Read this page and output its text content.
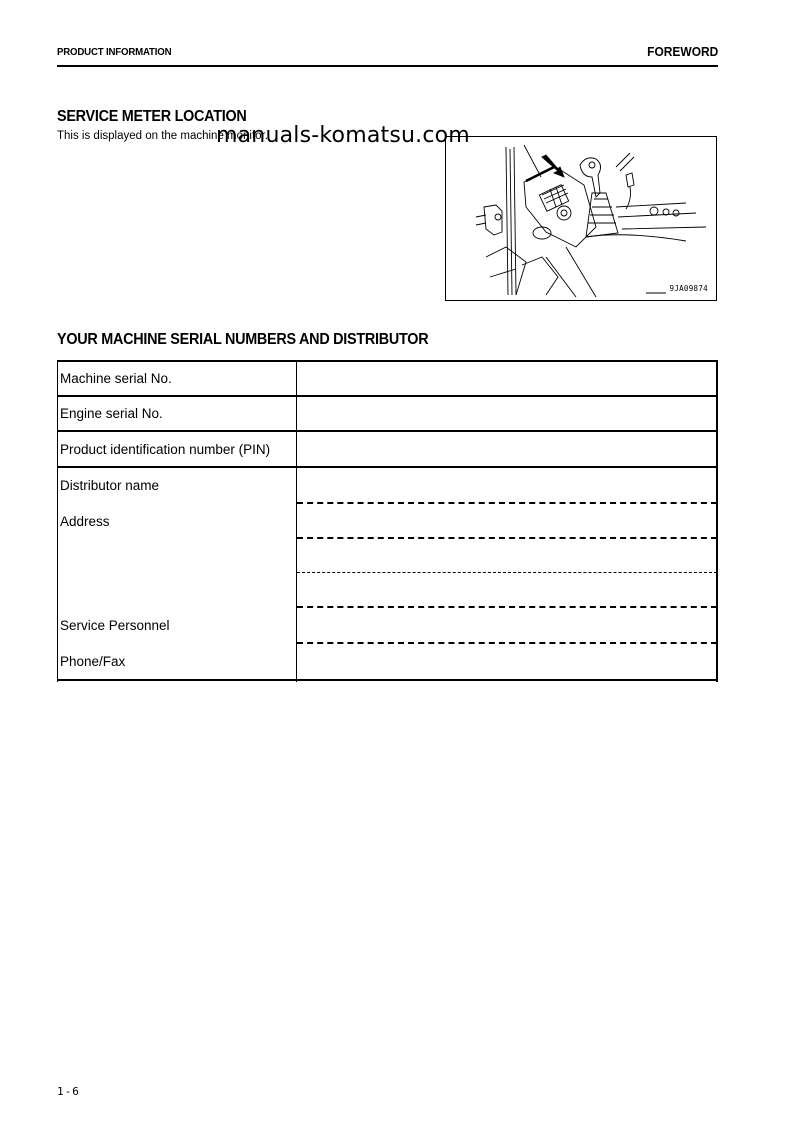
PRODUCT INFORMATION	FOREWORD
SERVICE METER LOCATION
This is displayed on the machine monitor.
9JA09874
manuals-komatsu.com
YOUR MACHINE SERIAL NUMBERS AND DISTRIBUTOR
Machine serial No.
Engine serial No.
Product identification number (PIN)
Distributor name
Address
Service Personnel
Phone/Fax
1-6
